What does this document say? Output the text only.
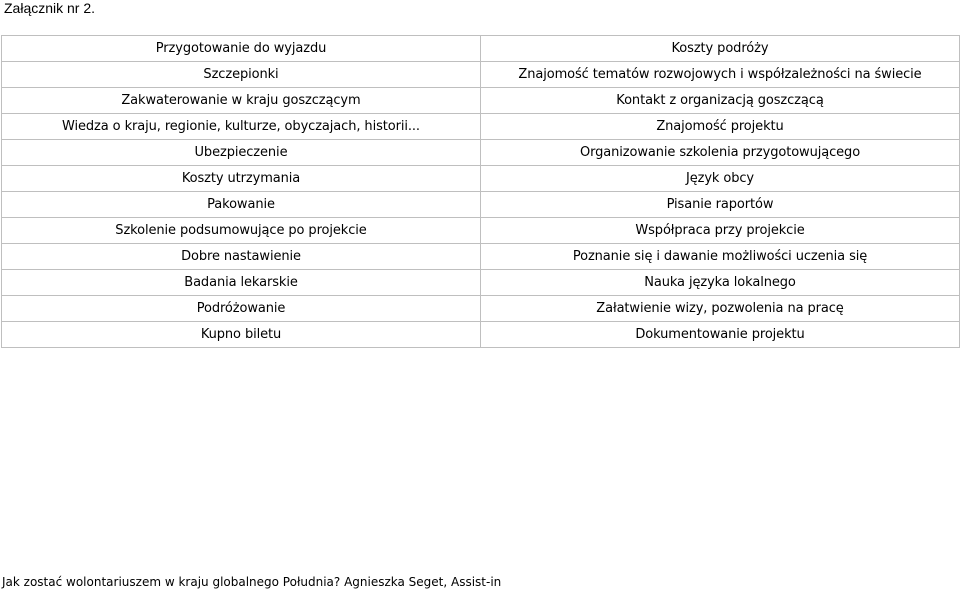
Załącznik nr 2.
Przygotowanie do wyjazdu	Koszty podróży
Szczepionki	Znajomość tematów rozwojowych i współzależności na świecie
Zakwaterowanie w kraju goszczącym	Kontakt z organizacją goszczącą
Wiedza o kraju, regionie, kulturze, obyczajach, historii...	Znajomość projektu
Ubezpieczenie	Organizowanie szkolenia przygotowującego
Koszty utrzymania	Język obcy
Pakowanie	Pisanie raportów
Szkolenie podsumowujące po projekcie	Współpraca przy projekcie
Dobre nastawienie	Poznanie się i dawanie możliwości uczenia się
Badania lekarskie	Nauka języka lokalnego
Podróżowanie	Załatwienie wizy, pozwolenia na pracę
Kupno biletu	Dokumentowanie projektu
Jak zostać wolontariuszem w kraju globalnego Południa? Agnieszka Seget, Assist-in
